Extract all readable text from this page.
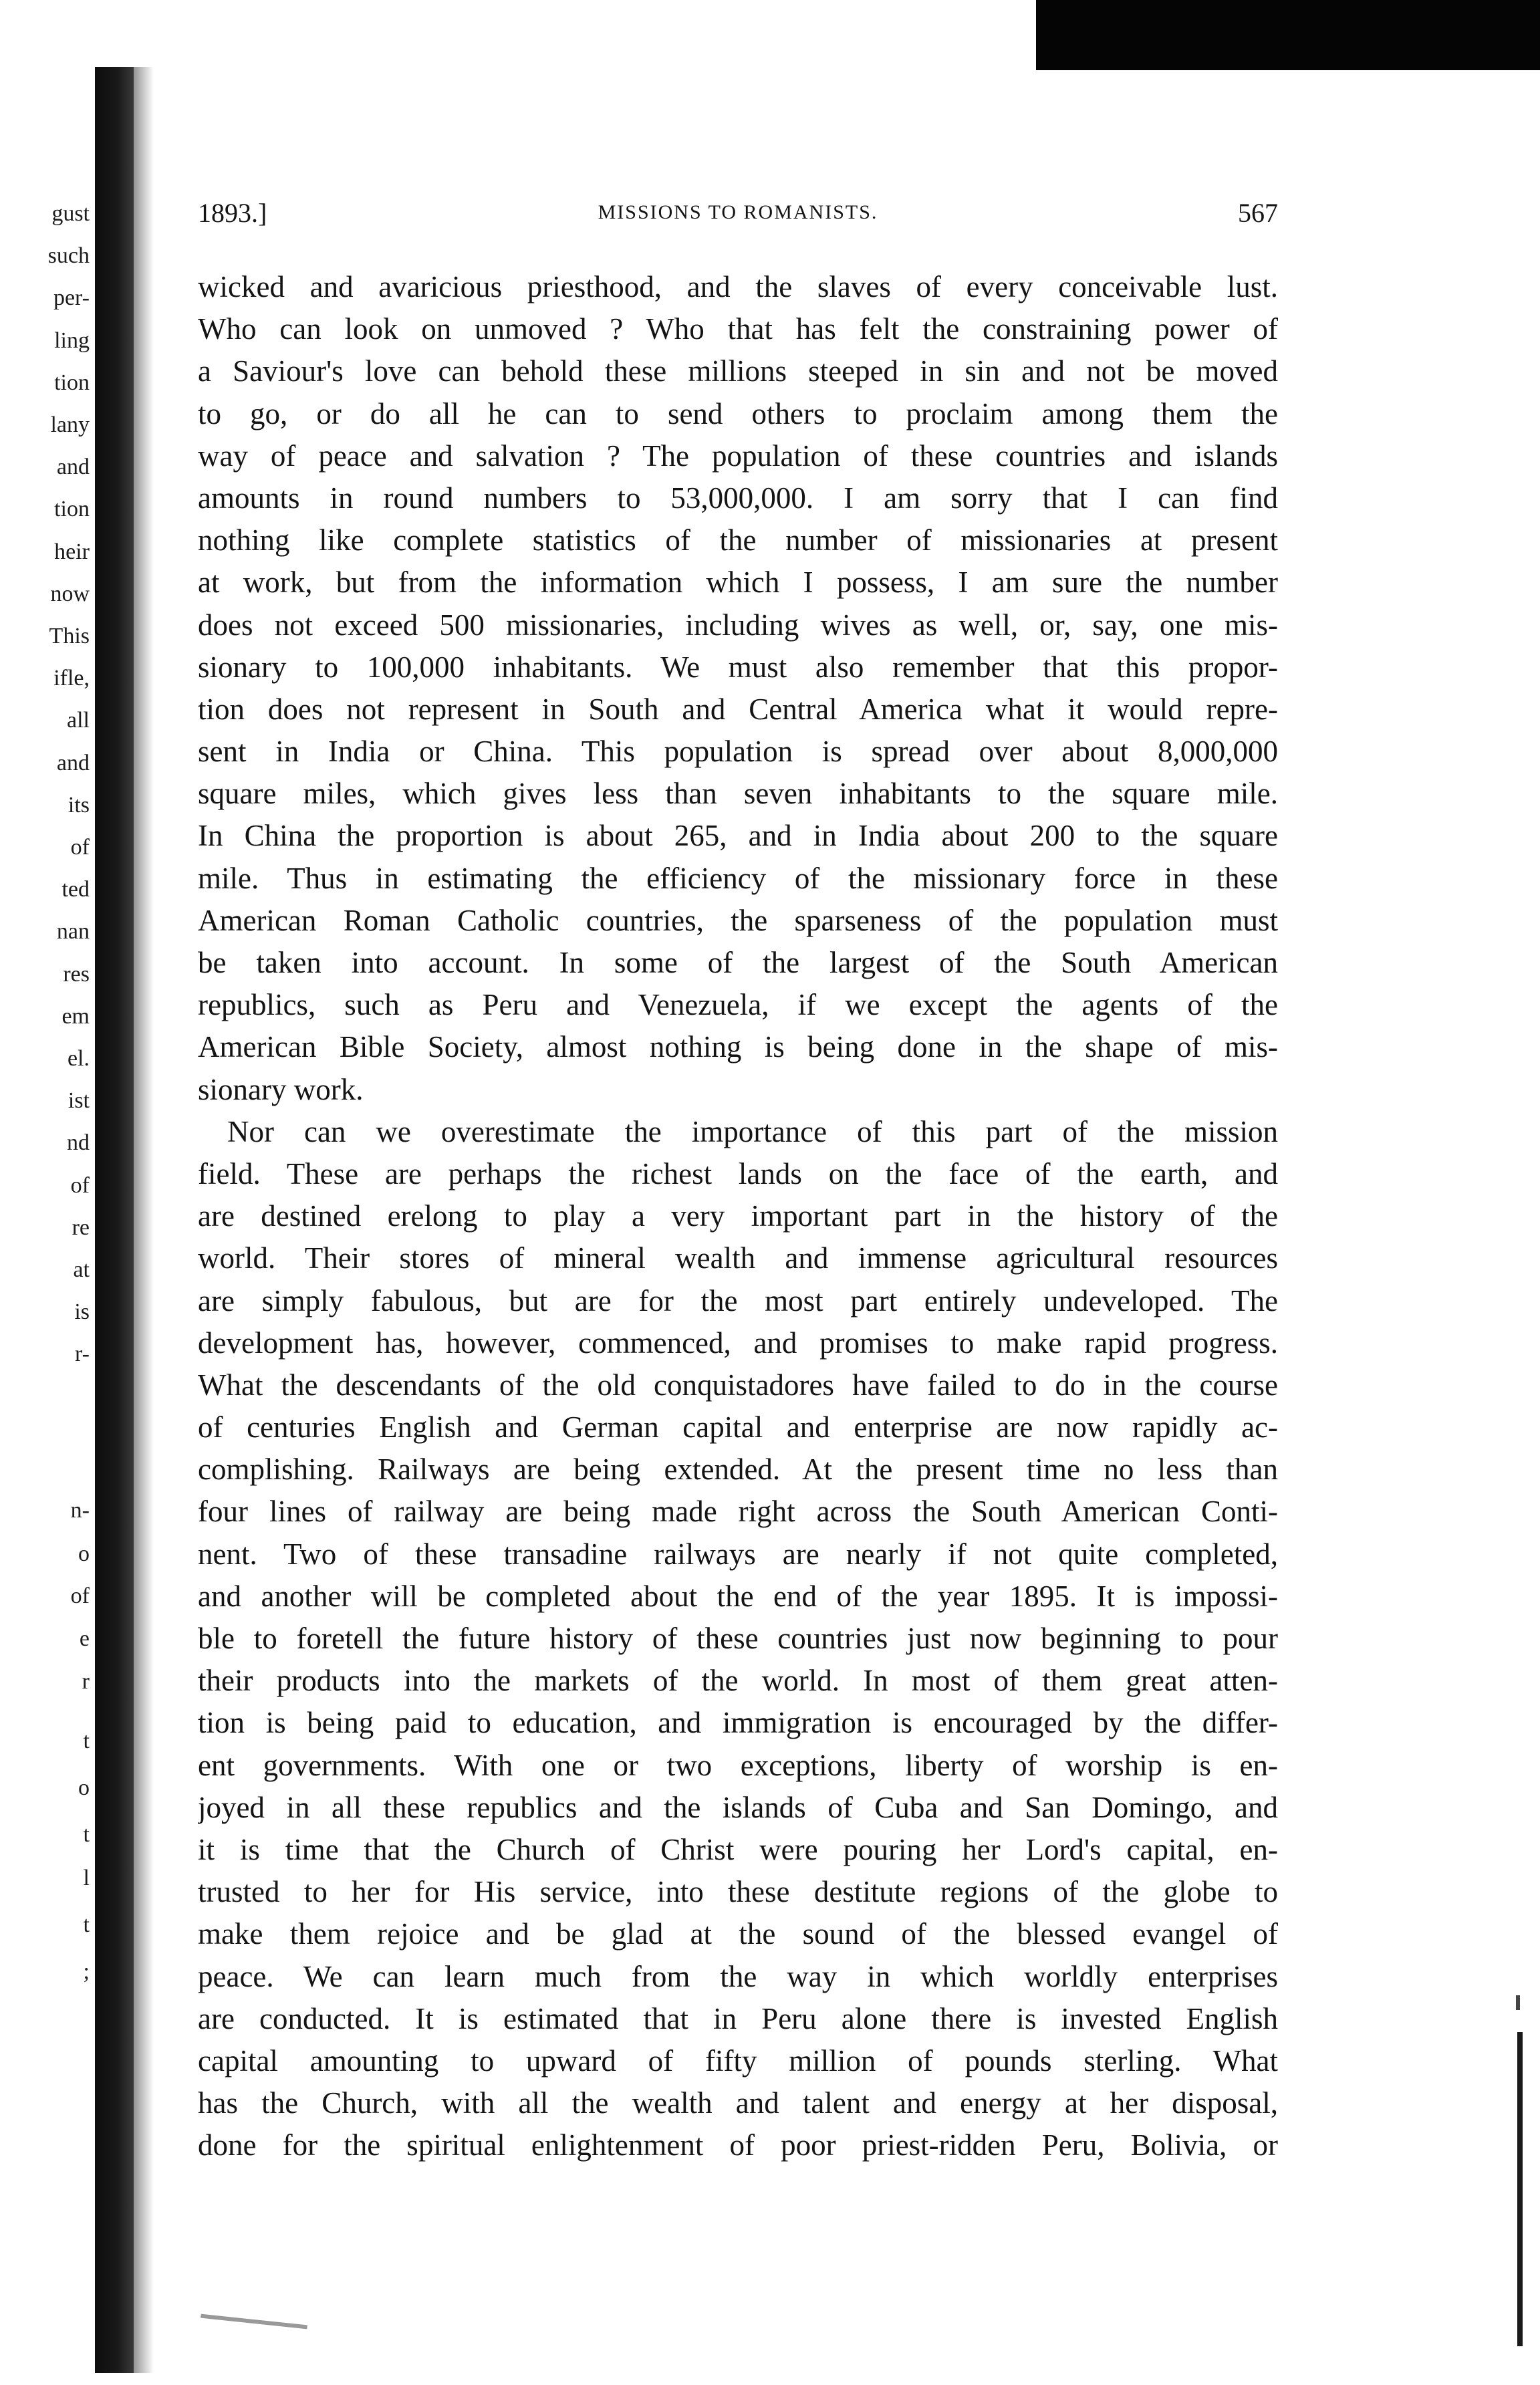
gust
such
per-
ling
tion
lany
and
tion
heir
now
This
ifle,
all
and
its
of
ted
nan
res
em
el.
ist
nd
of
re
at
is
r-
n-
o
of
e
r
t
o
t
l
t
;
1893.]	MISSIONS TO ROMANISTS.	567
wicked and avaricious priesthood, and the slaves of every conceivable lust.
Who can look on unmoved ? Who that has felt the constraining power of
a Saviour's love can behold these millions steeped in sin and not be moved
to go, or do all he can to send others to proclaim among them the
way of peace and salvation ? The population of these countries and islands
amounts in round numbers to 53,000,000. I am sorry that I can find
nothing like complete statistics of the number of missionaries at present
at work, but from the information which I possess, I am sure the number
does not exceed 500 missionaries, including wives as well, or, say, one mis-
sionary to 100,000 inhabitants. We must also remember that this propor-
tion does not represent in South and Central America what it would repre-
sent in India or China. This population is spread over about 8,000,000
square miles, which gives less than seven inhabitants to the square mile.
In China the proportion is about 265, and in India about 200 to the square
mile. Thus in estimating the efficiency of the missionary force in these
American Roman Catholic countries, the sparseness of the population must
be taken into account. In some of the largest of the South American
republics, such as Peru and Venezuela, if we except the agents of the
American Bible Society, almost nothing is being done in the shape of mis-
sionary work.
Nor can we overestimate the importance of this part of the mission
field. These are perhaps the richest lands on the face of the earth, and
are destined erelong to play a very important part in the history of the
world. Their stores of mineral wealth and immense agricultural resources
are simply fabulous, but are for the most part entirely undeveloped. The
development has, however, commenced, and promises to make rapid progress.
What the descendants of the old conquistadores have failed to do in the course
of centuries English and German capital and enterprise are now rapidly ac-
complishing. Railways are being extended. At the present time no less than
four lines of railway are being made right across the South American Conti-
nent. Two of these transadine railways are nearly if not quite completed,
and another will be completed about the end of the year 1895. It is impossi-
ble to foretell the future history of these countries just now beginning to pour
their products into the markets of the world. In most of them great atten-
tion is being paid to education, and immigration is encouraged by the differ-
ent governments. With one or two exceptions, liberty of worship is en-
joyed in all these republics and the islands of Cuba and San Domingo, and
it is time that the Church of Christ were pouring her Lord's capital, en-
trusted to her for His service, into these destitute regions of the globe to
make them rejoice and be glad at the sound of the blessed evangel of
peace. We can learn much from the way in which worldly enterprises
are conducted. It is estimated that in Peru alone there is invested English
capital amounting to upward of fifty million of pounds sterling. What
has the Church, with all the wealth and talent and energy at her disposal,
done for the spiritual enlightenment of poor priest-ridden Peru, Bolivia, or
